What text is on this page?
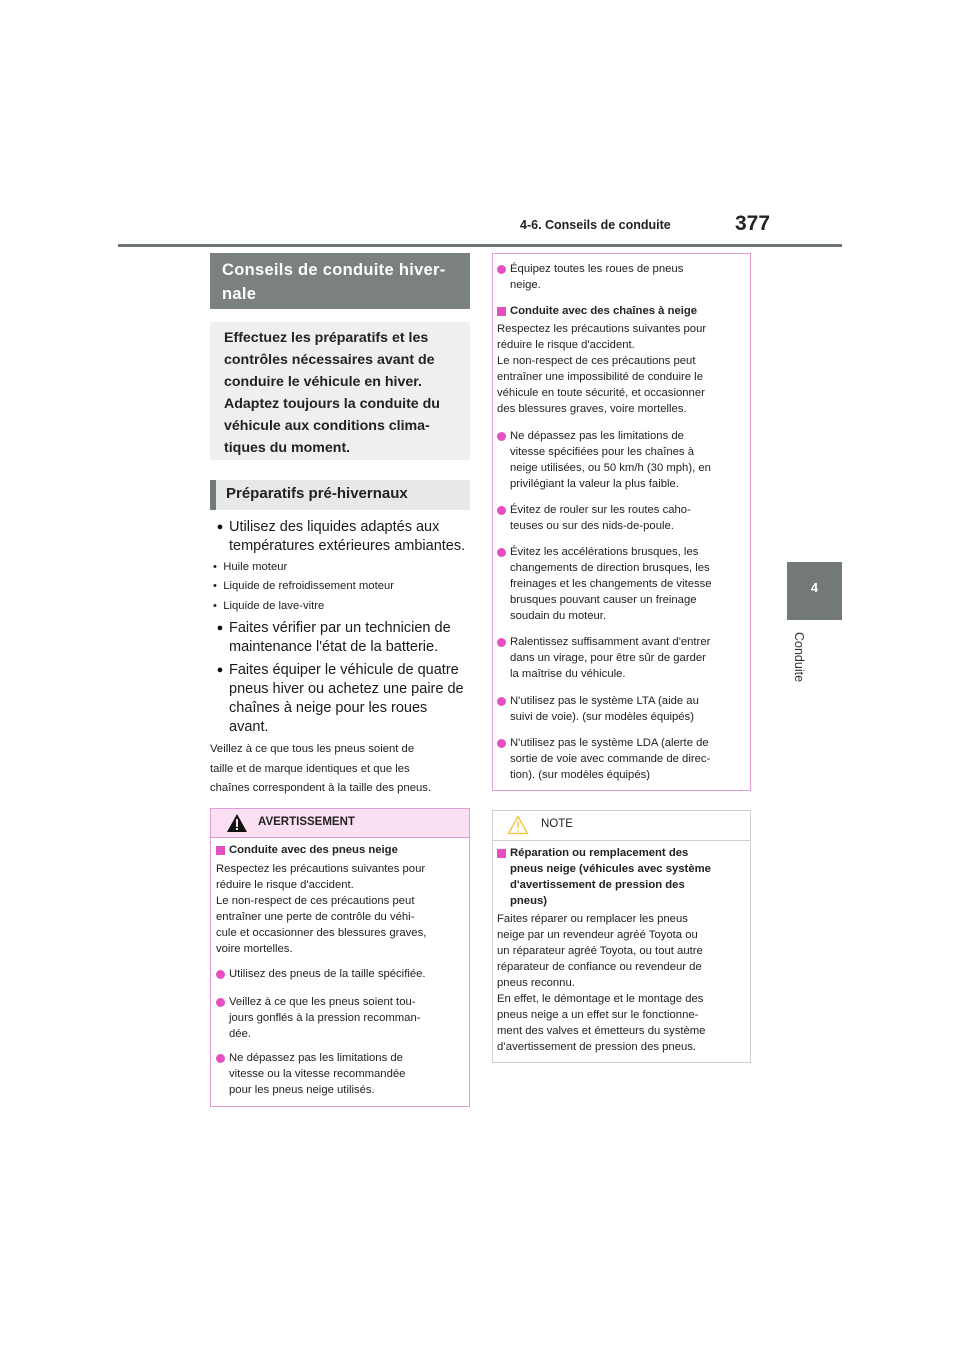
4-6. Conseils de conduite	377
4
Conduite
Conseils de conduite hiver-
nale
Effectuez les préparatifs et les
contrôles nécessaires avant de
conduire le véhicule en hiver.
Adaptez toujours la conduite du
véhicule aux conditions clima-
tiques du moment.
Préparatifs pré-hivernaux
● Utilisez des liquides adaptés aux
températures extérieures ambiantes.
•  Huile moteur
•  Liquide de refroidissement moteur
•  Liquide de lave-vitre
● Faites vérifier par un technicien de
maintenance l'état de la batterie.
● Faites équiper le véhicule de quatre
pneus hiver ou achetez une paire de
chaînes à neige pour les roues
avant.
Veillez à ce que tous les pneus soient de
taille et de marque identiques et que les
chaînes correspondent à la taille des pneus.
AVERTISSEMENT
Conduite avec des pneus neige
Respectez les précautions suivantes pour
réduire le risque d'accident.
Le non-respect de ces précautions peut
entraîner une perte de contrôle du véhi-
cule et occasionner des blessures graves,
voire mortelles.
Utilisez des pneus de la taille spécifiée.
Veillez à ce que les pneus soient tou-
jours gonflés à la pression recomman-
dée.
Ne dépassez pas les limitations de
vitesse ou la vitesse recommandée
pour les pneus neige utilisés.
Équipez toutes les roues de pneus
neige.
Conduite avec des chaînes à neige
Respectez les précautions suivantes pour
réduire le risque d'accident.
Le non-respect de ces précautions peut
entraîner une impossibilité de conduire le
véhicule en toute sécurité, et occasionner
des blessures graves, voire mortelles.
Ne dépassez pas les limitations de
vitesse spécifiées pour les chaînes à
neige utilisées, ou 50 km/h (30 mph), en
privilégiant la valeur la plus faible.
Évitez de rouler sur les routes caho-
teuses ou sur des nids-de-poule.
Évitez les accélérations brusques, les
changements de direction brusques, les
freinages et les changements de vitesse
brusques pouvant causer un freinage
soudain du moteur.
Ralentissez suffisamment avant d'entrer
dans un virage, pour être sûr de garder
la maîtrise du véhicule.
N'utilisez pas le système LTA (aide au
suivi de voie). (sur modèles équipés)
N'utilisez pas le système LDA (alerte de
sortie de voie avec commande de direc-
tion). (sur modèles équipés)
NOTE
Réparation ou remplacement des
pneus neige (véhicules avec système
d'avertissement de pression des
pneus)
Faites réparer ou remplacer les pneus
neige par un revendeur agréé Toyota ou
un réparateur agréé Toyota, ou tout autre
réparateur de confiance ou revendeur de
pneus reconnu.
En effet, le démontage et le montage des
pneus neige a un effet sur le fonctionne-
ment des valves et émetteurs du système
d’avertissement de pression des pneus.
